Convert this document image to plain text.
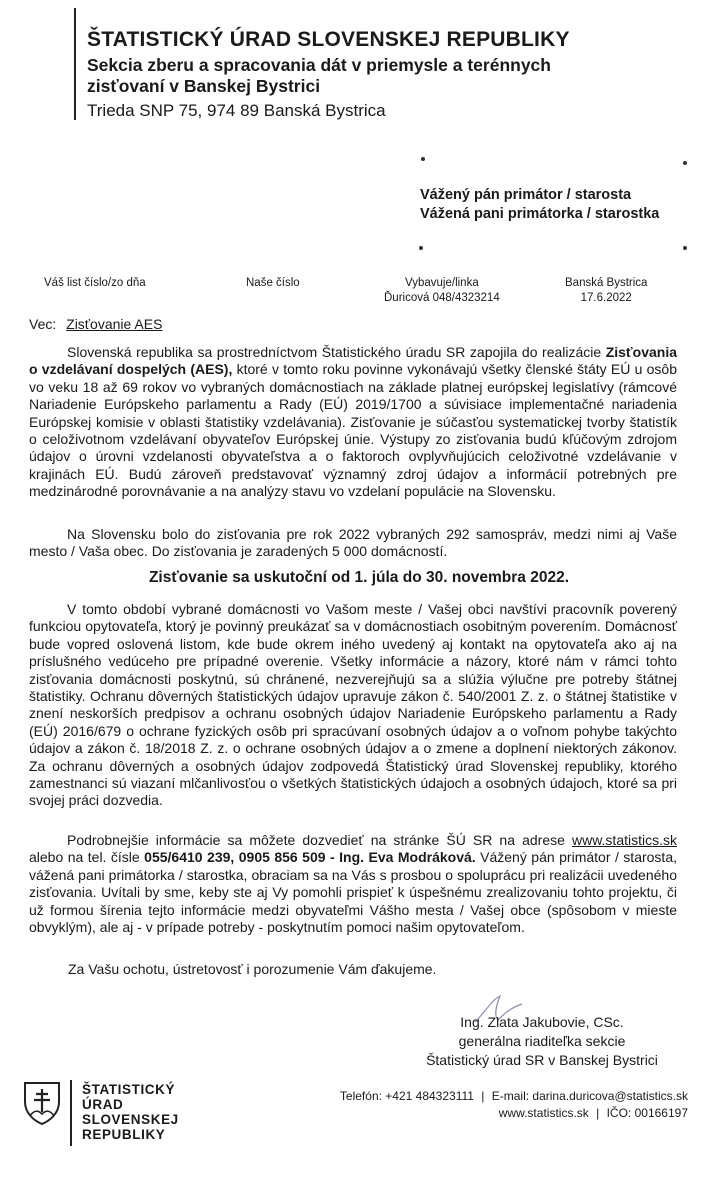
ŠTATISTICKÝ ÚRAD SLOVENSKEJ REPUBLIKY
Sekcia zberu a spracovania dát v priemysle a terénnych
zisťovaní v Banskej Bystrici
Trieda SNP 75, 974 89 Banská Bystrica
Vážený pán primátor / starosta
Vážená pani primátorka / starostka
Váš list číslo/zo dňa	Naše číslo	Vybavuje/linka
Ďuricová 048/4323214
Banská Bystrica
17.6.2022
Vec: Zisťovanie AES

Slovenská republika sa prostredníctvom Štatistického úradu SR zapojila do realizácie Zisťovania o vzdelávaní dospelých (AES), ktoré v tomto roku povinne vykonávajú všetky členské štáty EÚ u osôb vo veku 18 až 69 rokov vo vybraných domácnostiach na základe platnej európskej legislatívy (rámcové Nariadenie Európskeho parlamentu a Rady (EÚ) 2019/1700 a súvisiace implementačné nariadenia Európskej komisie v oblasti štatistiky vzdelávania). Zisťovanie je súčasťou systematickej tvorby štatistík o celoživotnom vzdelávaní obyvateľov Európskej únie. Výstupy zo zisťovania budú kľúčovým zdrojom údajov o úrovni vzdelanosti obyvateľstva a o faktoroch ovplyvňujúcich celoživotné vzdelávanie v krajinách EÚ. Budú zároveň predstavovať významný zdroj údajov a informácií potrebných pre medzinárodné porovnávanie a na analýzy stavu vo vzdelaní populácie na Slovensku.

Na Slovensku bolo do zisťovania pre rok 2022 vybraných 292 samospráv, medzi nimi aj Vaše mesto / Vaša obec. Do zisťovania je zaradených 5 000 domácností.

Zisťovanie sa uskutoční od 1. júla do 30. novembra 2022.

V tomto období vybrané domácnosti vo Vašom meste / Vašej obci navštívi pracovník poverený funkciou opytovateľa, ktorý je povinný preukázať sa v domácnostiach osobitným poverením. Domácnosť bude vopred oslovená listom, kde bude okrem iného uvedený aj kontakt na opytovateľa ako aj na príslušného vedúceho pre prípadné overenie. Všetky informácie a názory, ktoré nám v rámci tohto zisťovania domácnosti poskytnú, sú chránené, nezverejňujú sa a slúžia výlučne pre potreby štátnej štatistiky. Ochranu dôverných štatistických údajov upravuje zákon č. 540/2001 Z. z. o štátnej štatistike v znení neskorších predpisov a ochranu osobných údajov Nariadenie Európskeho parlamentu a Rady (EÚ) 2016/679 o ochrane fyzických osôb pri spracúvaní osobných údajov a o voľnom pohybe takýchto údajov a zákon č. 18/2018 Z. z. o ochrane osobných údajov a o zmene a doplnení niektorých zákonov. Za ochranu dôverných a osobných údajov zodpovedá Štatistický úrad Slovenskej republiky, ktorého zamestnanci sú viazaní mlčanlivosťou o všetkých štatistických údajoch a osobných údajoch, ktoré sa pri svojej práci dozvedia.

Podrobnejšie informácie sa môžete dozvedieť na stránke ŠÚ SR na adrese www.statistics.sk alebo na tel. čísle 055/6410 239, 0905 856 509 - Ing. Eva Modráková. Vážený pán primátor / starosta, vážená pani primátorka / starostka, obraciam sa na Vás s prosbou o spoluprácu pri realizácii uvedeného zisťovania. Uvítali by sme, keby ste aj Vy pomohli prispieť k úspešnému zrealizovaniu tohto projektu, či už formou šírenia tejto informácie medzi obyvateľmi Vášho mesta / Vašej obce (spôsobom v mieste obvyklým), ale aj - v prípade potreby - poskytnutím pomoci našim opytovateľom.

Za Vašu ochotu, ústretovosť i porozumenie Vám ďakujeme.
Ing. Zlata Jakubovie, CSc.
generálna riaditeľka sekcie
Štatistický úrad SR v Banskej Bystrici
ŠTATISTICKÝ
ÚRAD
SLOVENSKEJ
REPUBLIKY
Telefón: +421 484323111 | E-mail: darina.duricova@statistics.sk
www.statistics.sk | IČO: 00166197
